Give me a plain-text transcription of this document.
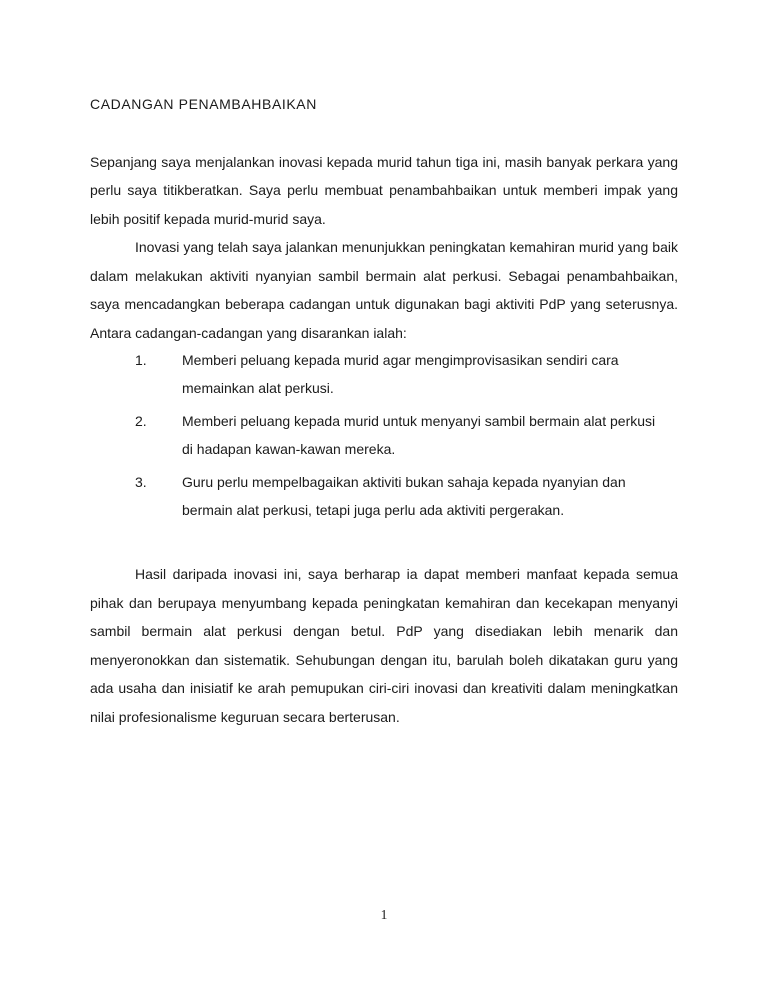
CADANGAN PENAMBAHBAIKAN

Sepanjang saya menjalankan inovasi kepada murid tahun tiga ini, masih banyak perkara yang perlu saya titikberatkan. Saya perlu membuat penambahbaikan untuk memberi impak yang lebih positif kepada murid-murid saya.

Inovasi yang telah saya jalankan menunjukkan peningkatan kemahiran murid yang baik dalam melakukan aktiviti nyanyian sambil bermain alat perkusi. Sebagai penambahbaikan, saya mencadangkan beberapa cadangan untuk digunakan bagi aktiviti PdP yang seterusnya. Antara cadangan-cadangan yang disarankan ialah:

1.	Memberi peluang kepada murid agar mengimprovisasikan sendiri cara memainkan alat perkusi.
2.	Memberi peluang kepada murid untuk menyanyi sambil bermain alat perkusi di hadapan kawan-kawan mereka.
3.	Guru perlu mempelbagaikan aktiviti bukan sahaja kepada nyanyian dan bermain alat perkusi, tetapi juga perlu ada aktiviti pergerakan.

Hasil daripada inovasi ini, saya berharap ia dapat memberi manfaat kepada semua pihak dan berupaya menyumbang kepada peningkatan kemahiran dan kecekapan menyanyi sambil bermain alat perkusi dengan betul. PdP yang disediakan lebih menarik dan menyeronokkan dan sistematik. Sehubungan dengan itu, barulah boleh dikatakan guru yang ada usaha dan inisiatif ke arah pemupukan ciri-ciri inovasi dan kreativiti dalam meningkatkan nilai profesionalisme keguruan secara berterusan.

1
